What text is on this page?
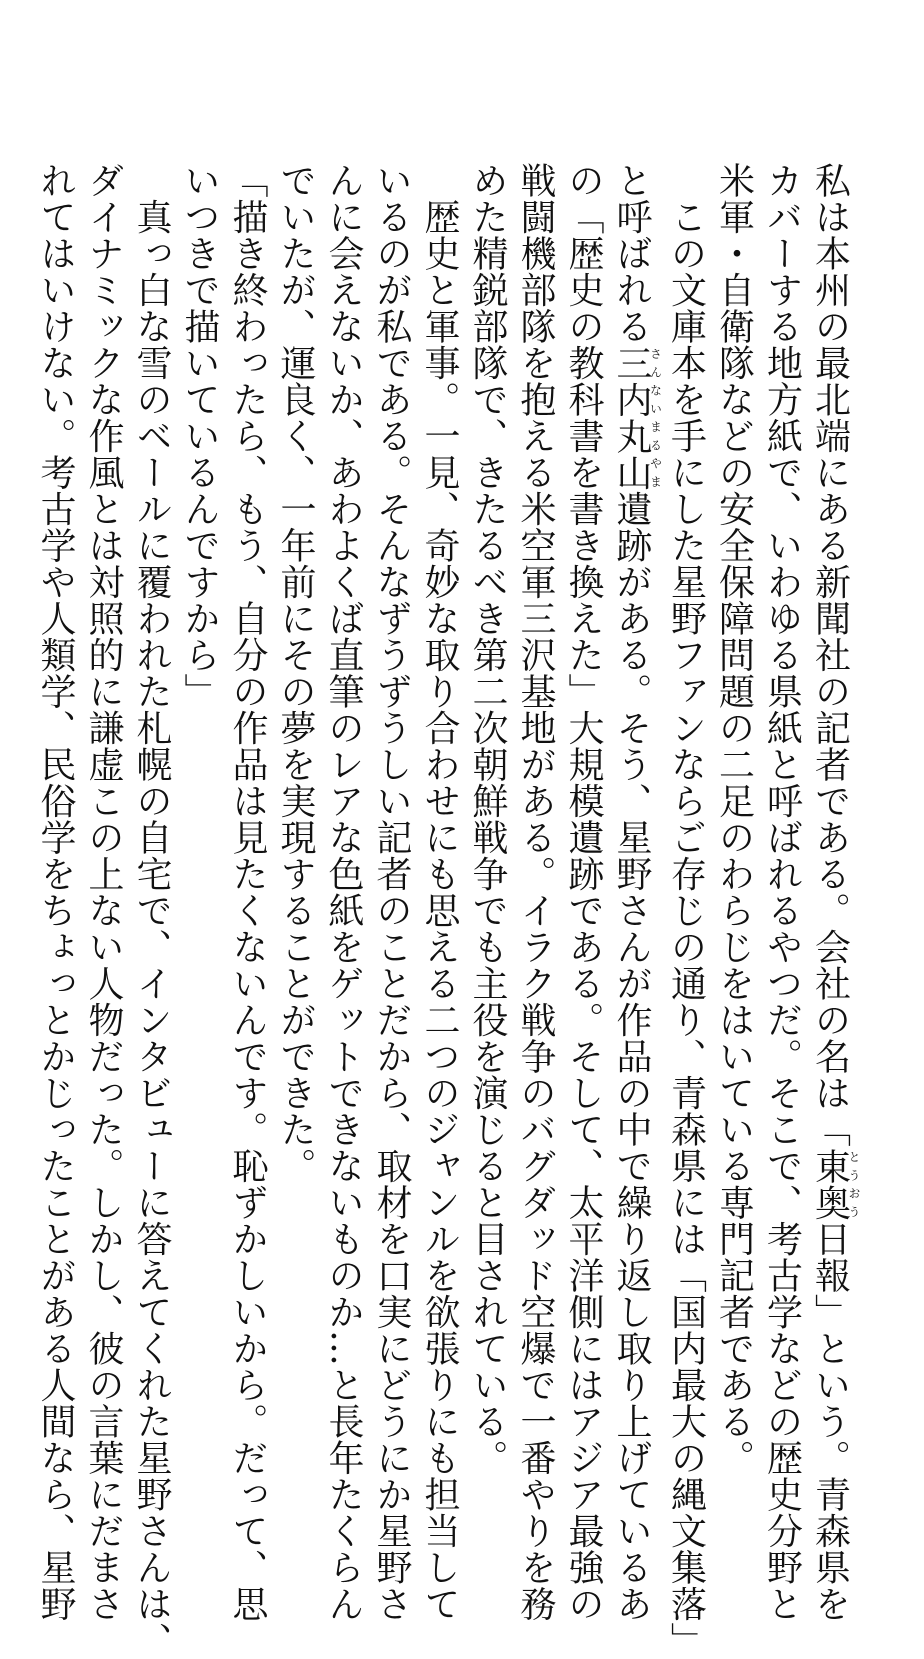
私は本州の最北端にある新聞社の記者である。会社の名は「東奥とうおう日報」という。青森県を
カバーする地方紙で、いわゆる県紙と呼ばれるやつだ。そこで、考古学などの歴史分野と
米軍・自衛隊などの安全保障問題の二足のわらじをはいている専門記者である。
　この文庫本を手にした星野ファンならご存じの通り、青森県には「国内最大の縄文集落」
と呼ばれる三内丸山さんないまるやま遺跡がある。そう、星野さんが作品の中で繰り返し取り上げているあ
の「歴史の教科書を書き換えた」大規模遺跡である。そして、太平洋側にはアジア最強の
戦闘機部隊を抱える米空軍三沢基地がある。イラク戦争のバグダッド空爆で一番やりを務
めた精鋭部隊で、きたるべき第二次朝鮮戦争でも主役を演じると目されている。
　歴史と軍事。一見、奇妙な取り合わせにも思える二つのジャンルを欲張りにも担当して
いるのが私である。そんなずうずうしい記者のことだから、取材を口実にどうにか星野さ
んに会えないか、あわよくば直筆のレアな色紙をゲットできないものか…と長年たくらん
でいたが、運良く、一年前にその夢を実現することができた。
「描き終わったら、もう、自分の作品は見たくないんです。恥ずかしいから。だって、思
いつきで描いているんですから」
　真っ白な雪のベールに覆われた札幌の自宅で、インタビューに答えてくれた星野さんは、
ダイナミックな作風とは対照的に謙虚この上ない人物だった。しかし、彼の言葉にだまさ
れてはいけない。考古学や人類学、民俗学をちょっとかじったことがある人間なら、星野
